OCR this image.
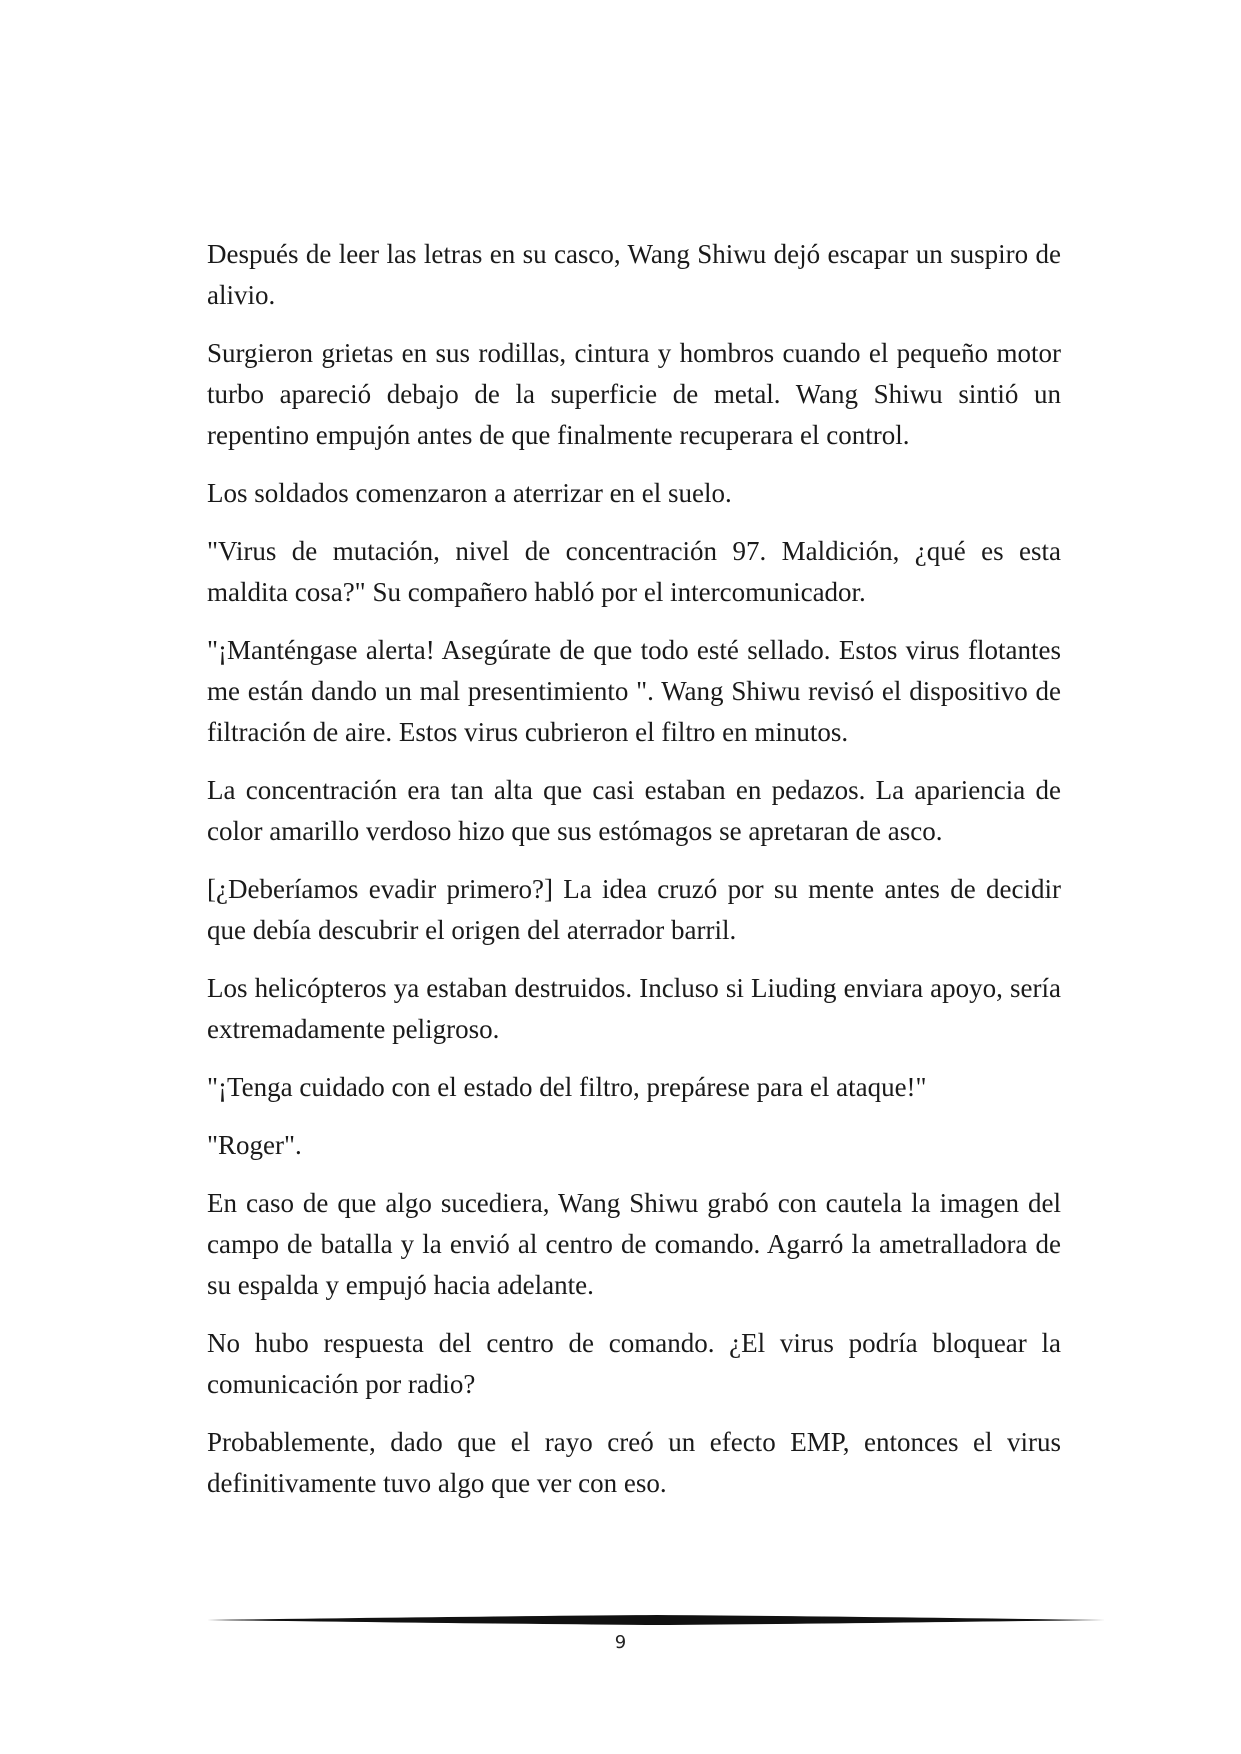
Después de leer las letras en su casco, Wang Shiwu dejó escapar un suspiro de alivio.

Surgieron grietas en sus rodillas, cintura y hombros cuando el pequeño motor turbo apareció debajo de la superficie de metal. Wang Shiwu sintió un repentino empujón antes de que finalmente recuperara el control.

Los soldados comenzaron a aterrizar en el suelo.

"Virus de mutación, nivel de concentración 97. Maldición, ¿qué es esta maldita cosa?" Su compañero habló por el intercomunicador.

"¡Manténgase alerta! Asegúrate de que todo esté sellado. Estos virus flotantes me están dando un mal presentimiento ". Wang Shiwu revisó el dispositivo de filtración de aire. Estos virus cubrieron el filtro en minutos.

La concentración era tan alta que casi estaban en pedazos. La apariencia de color amarillo verdoso hizo que sus estómagos se apretaran de asco.

[¿Deberíamos evadir primero?] La idea cruzó por su mente antes de decidir que debía descubrir el origen del aterrador barril.

Los helicópteros ya estaban destruidos. Incluso si Liuding enviara apoyo, sería extremadamente peligroso.

"¡Tenga cuidado con el estado del filtro, prepárese para el ataque!"

"Roger".

En caso de que algo sucediera, Wang Shiwu grabó con cautela la imagen del campo de batalla y la envió al centro de comando. Agarró la ametralladora de su espalda y empujó hacia adelante.

No hubo respuesta del centro de comando. ¿El virus podría bloquear la comunicación por radio?

Probablemente, dado que el rayo creó un efecto EMP, entonces el virus definitivamente tuvo algo que ver con eso.

9
